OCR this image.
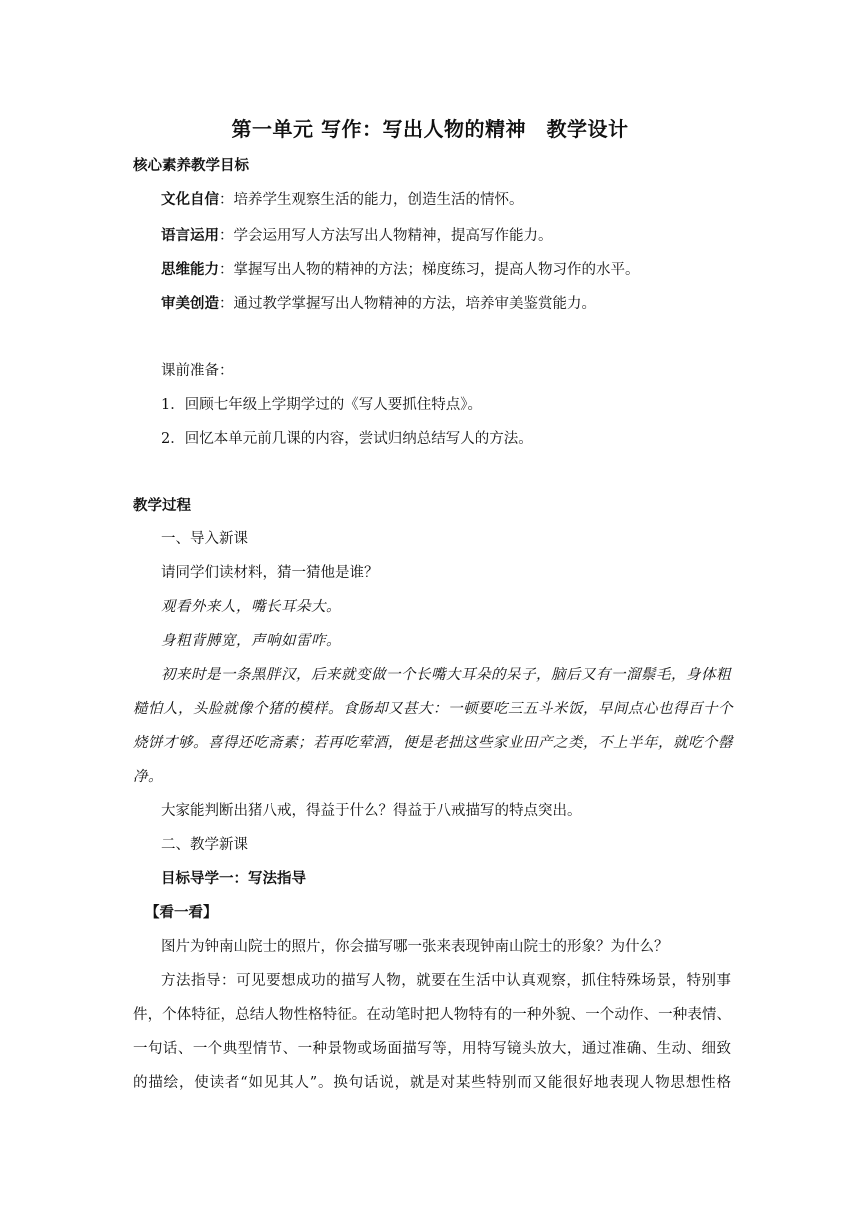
第一单元 写作：写出人物的精神　教学设计
核心素养教学目标
文化自信：培养学生观察生活的能力，创造生活的情怀。
语言运用：学会运用写人方法写出人物精神，提高写作能力。
思维能力：掌握写出人物的精神的方法；梯度练习，提高人物习作的水平。
审美创造：通过教学掌握写出人物精神的方法，培养审美鉴赏能力。
课前准备：
1．回顾七年级上学期学过的《写人要抓住特点》。
2．回忆本单元前几课的内容，尝试归纳总结写人的方法。
教学过程
一、导入新课
请同学们读材料，猜一猜他是谁？
观看外来人，嘴长耳朵大。
身粗背膊宽，声响如雷咋。
初来时是一条黑胖汉，后来就变做一个长嘴大耳朵的呆子，脑后又有一溜鬃毛，身体粗
糙怕人，头脸就像个猪的模样。食肠却又甚大：一顿要吃三五斗米饭，早间点心也得百十个
烧饼才够。喜得还吃斋素；若再吃荤酒，便是老拙这些家业田产之类，不上半年，就吃个罄
净。
大家能判断出猪八戒，得益于什么？得益于八戒描写的特点突出。
二、教学新课
目标导学一：写法指导
【看一看】
图片为钟南山院士的照片，你会描写哪一张来表现钟南山院士的形象？为什么？
方法指导：可见要想成功的描写人物，就要在生活中认真观察，抓住特殊场景，特别事
件，个体特征，总结人物性格特征。在动笔时把人物特有的一种外貌、一个动作、一种表情、
一句话、一个典型情节、一种景物或场面描写等，用特写镜头放大，通过准确、生动、细致
的描绘，使读者“如见其人”。换句话说，就是对某些特别而又能很好地表现人物思想性格
